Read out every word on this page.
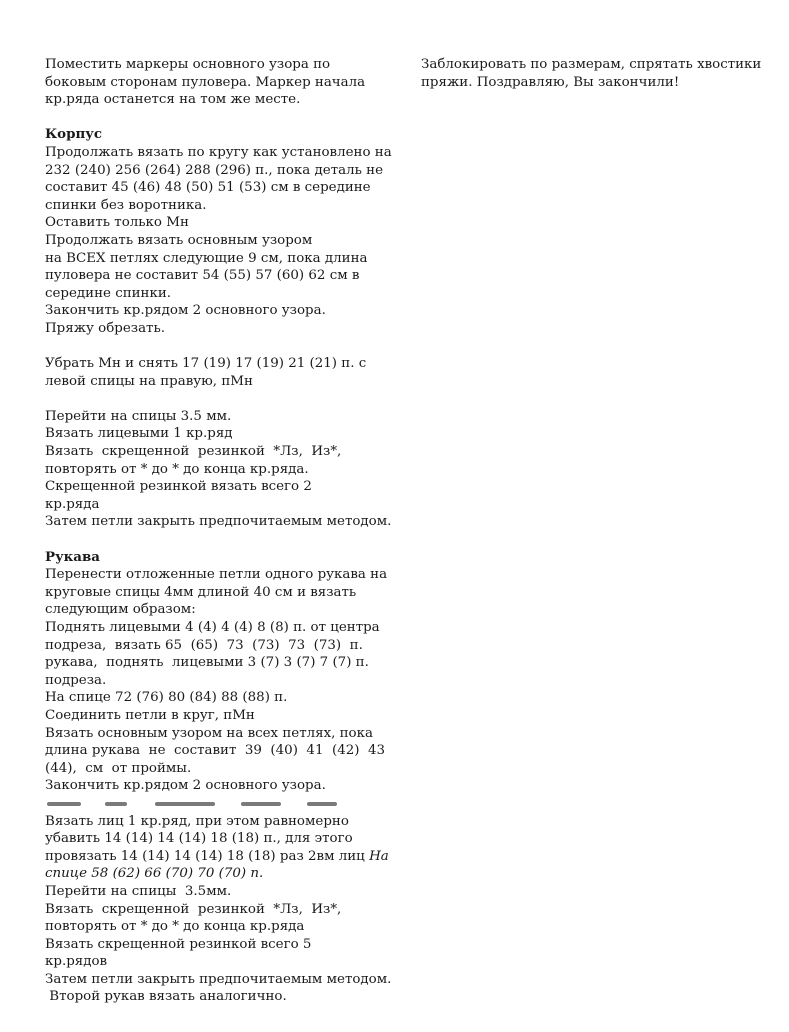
Поместить маркеры основного узора по
боковым сторонам пуловера. Маркер начала
кр.ряда останется на том же месте.
Корпус
Продолжать вязать по кругу как установлено на
232 (240) 256 (264) 288 (296) п., пока деталь не
составит 45 (46) 48 (50) 51 (53) см в середине
спинки без воротника.
Оставить только Мн
Продолжать вязать основным узором
на ВСЕХ петлях следующие 9 см, пока длина
пуловера не составит 54 (55) 57 (60) 62 см в
середине спинки.
Закончить кр.рядом 2 основного узора.
Пряжу обрезать.
Убрать Мн и снять 17 (19) 17 (19) 21 (21) п. с
левой спицы на правую, пМн
Перейти на спицы 3.5 мм.
Вязать лицевыми 1 кр.ряд
Вязать  скрещенной  резинкой  *Лз,  Из*,
повторять от * до * до конца кр.ряда.
Скрещенной резинкой вязать всего 2
кр.ряда
Затем петли закрыть предпочитаемым методом.
Рукава
Перенести отложенные петли одного рукава на
круговые спицы 4мм длиной 40 см и вязать
следующим образом:
Поднять лицевыми 4 (4) 4 (4) 8 (8) п. от центра
подреза,  вязать 65  (65)  73  (73)  73  (73)  п.
рукава,  поднять  лицевыми 3 (7) 3 (7) 7 (7) п.
подреза.
На спице 72 (76) 80 (84) 88 (88) п.
Соединить петли в круг, пМн
Вязать основным узором на всех петлях, пока
длина рукава  не  составит  39  (40)  41  (42)  43
(44),  см  от проймы.
Закончить кр.рядом 2 основного узора.
Вязать лиц 1 кр.ряд, при этом равномерно
убавить 14 (14) 14 (14) 18 (18) п., для этого
провязать 14 (14) 14 (14) 18 (18) раз 2вм лиц На
спице 58 (62) 66 (70) 70 (70) п.
Перейти на спицы  3.5мм.
Вязать  скрещенной  резинкой  *Лз,  Из*,
повторять от * до * до конца кр.ряда
Вязать скрещенной резинкой всего 5
кр.рядов
Затем петли закрыть предпочитаемым методом.
Второй рукав вязать аналогично.
Заблокировать по размерам, спрятать хвостики
пряжи. Поздравляю, Вы закончили!
